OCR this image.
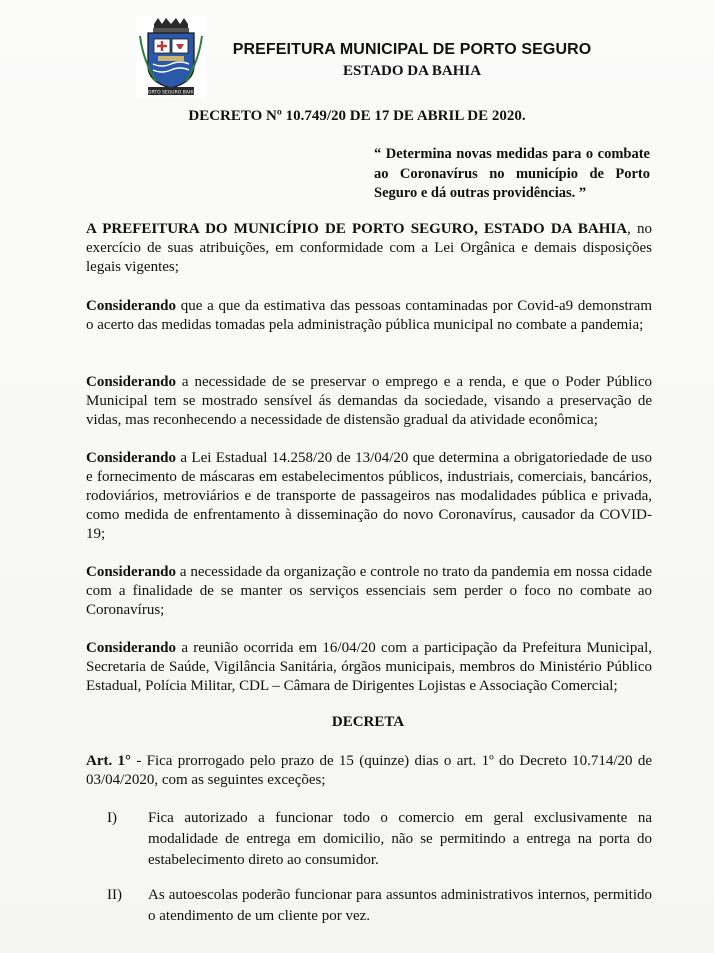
PORTO SEGURO BAHIA
PREFEITURA MUNICIPAL DE PORTO SEGURO
ESTADO DA BAHIA
DECRETO Nº 10.749/20 DE 17 DE ABRIL DE 2020.
“ Determina novas medidas para o combate ao Coronavírus no município de Porto Seguro e dá outras providências. ”
A PREFEITURA DO MUNICÍPIO DE PORTO SEGURO, ESTADO DA BAHIA, no exercício de suas atribuições, em conformidade com a Lei Orgânica e demais disposições legais vigentes;
Considerando que a que da estimativa das pessoas contaminadas por Covid-a9 demonstram o acerto das medidas tomadas pela administração pública municipal no combate a pandemia;
Considerando a necessidade de se preservar o emprego e a renda, e que o Poder Público Municipal tem se mostrado sensível ás demandas da sociedade, visando a preservação de vidas, mas reconhecendo a necessidade de distensão gradual da atividade econômica;
Considerando a Lei Estadual 14.258/20 de 13/04/20 que determina a obrigatoriedade de uso e fornecimento de máscaras em estabelecimentos públicos, industriais, comerciais, bancários, rodoviários, metroviários e de transporte de passageiros nas modalidades pública e privada, como medida de enfrentamento à disseminação do novo Coronavírus, causador da COVID-19;
Considerando a necessidade da organização e controle no trato da pandemia em nossa cidade com a finalidade de se manter os serviços essenciais sem perder o foco no combate ao Coronavírus;
Considerando a reunião ocorrida em 16/04/20 com a participação da Prefeitura Municipal, Secretaria de Saúde, Vigilância Sanitária, órgãos municipais, membros do Ministério Público Estadual, Polícia Militar, CDL – Câmara de Dirigentes Lojistas e Associação Comercial;
DECRETA
Art. 1° - Fica prorrogado pelo prazo de 15 (quinze) dias o art. 1º do Decreto 10.714/20 de 03/04/2020, com as seguintes exceções;
I) Fica autorizado a funcionar todo o comercio em geral exclusivamente na modalidade de entrega em domicilio, não se permitindo a entrega na porta do estabelecimento direto ao consumidor.
II) As autoescolas poderão funcionar para assuntos administrativos internos, permitido o atendimento de um cliente por vez.
